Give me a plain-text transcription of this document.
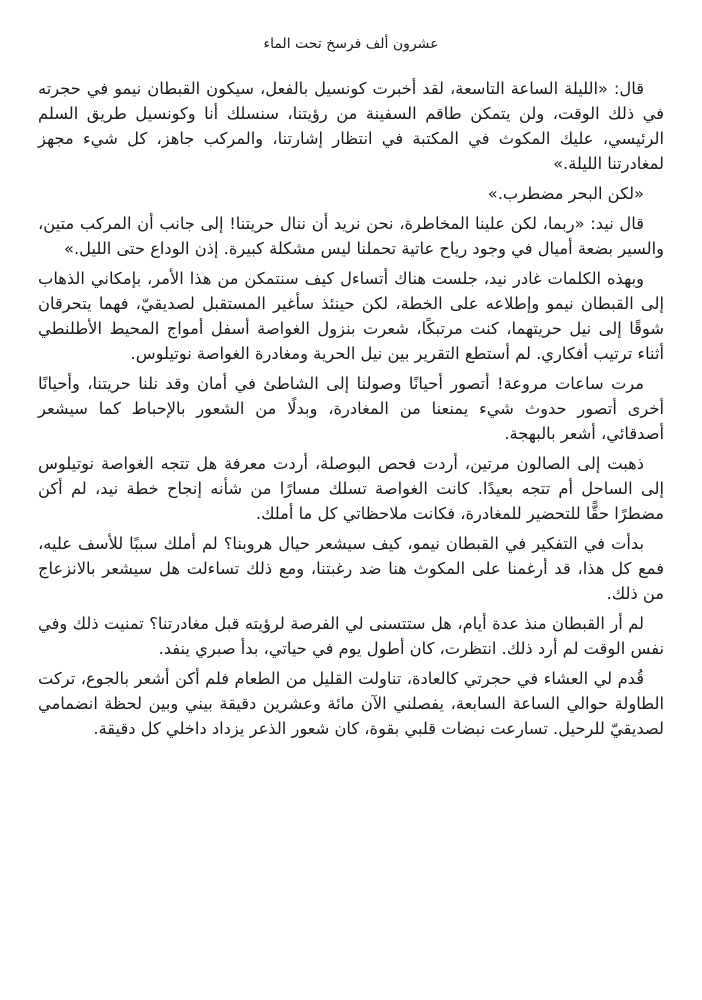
عشرون ألف فرسخ تحت الماء

قال: «الليلة الساعة التاسعة، لقد أخبرت كونسيل بالفعل، سيكون القبطان نيمو في حجرته في ذلك الوقت، ولن يتمكن طاقم السفينة من رؤيتنا، سنسلك أنا وكونسيل طريق السلم الرئيسي، عليك المكوث في المكتبة في انتظار إشارتنا، والمركب جاهز، كل شيء مجهز لمغادرتنا الليلة.»

«لكن البحر مضطرب.»

قال نيد: «ربما، لكن علينا المخاطرة، نحن نريد أن ننال حريتنا! إلى جانب أن المركب متين، والسير بضعة أميال في وجود رياح عاتية تحملنا ليس مشكلة كبيرة. إذن الوداع حتى الليل.»

وبهذه الكلمات غادر نيد، جلست هناك أتساءل كيف سنتمكن من هذا الأمر، بإمكاني الذهاب إلى القبطان نيمو وإطلاعه على الخطة، لكن حينئذ سأغير المستقبل لصديقيّ، فهما يتحرقان شوقًا إلى نيل حريتهما، كنت مرتبكًا، شعرت بنزول الغواصة أسفل أمواج المحيط الأطلنطي أثناء ترتيب أفكاري. لم أستطع التقرير بين نيل الحرية ومغادرة الغواصة نوتيلوس.

مرت ساعات مروعة! أتصور أحيانًا وصولنا إلى الشاطئ في أمان وقد نلنا حريتنا، وأحيانًا أخرى أتصور حدوث شيء يمنعنا من المغادرة، وبدلًا من الشعور بالإحباط كما سيشعر أصدقائي، أشعر بالبهجة.

ذهبت إلى الصالون مرتين، أردت فحص البوصلة، أردت معرفة هل تتجه الغواصة نوتيلوس إلى الساحل أم تتجه بعيدًا. كانت الغواصة تسلك مسارًا من شأنه إنجاح خطة نيد، لم أكن مضطرًا حقًّا للتحضير للمغادرة، فكانت ملاحظاتي كل ما أملك.

بدأت في التفكير في القبطان نيمو، كيف سيشعر حيال هروبنا؟ لم أملك سببًا للأسف عليه، فمع كل هذا، قد أرغمنا على المكوث هنا ضد رغبتنا، ومع ذلك تساءلت هل سيشعر بالانزعاج من ذلك.

لم أر القبطان منذ عدة أيام، هل ستتسنى لي الفرصة لرؤيته قبل مغادرتنا؟ تمنيت ذلك وفي نفس الوقت لم أرد ذلك. انتظرت، كان أطول يوم في حياتي، بدأ صبري ينفد.

قُدم لي العشاء في حجرتي كالعادة، تناولت القليل من الطعام فلم أكن أشعر بالجوع، تركت الطاولة حوالي الساعة السابعة، يفصلني الآن مائة وعشرين دقيقة بيني وبين لحظة انضمامي لصديقيّ للرحيل. تسارعت نبضات قلبي بقوة، كان شعور الذعر يزداد داخلي كل دقيقة.
